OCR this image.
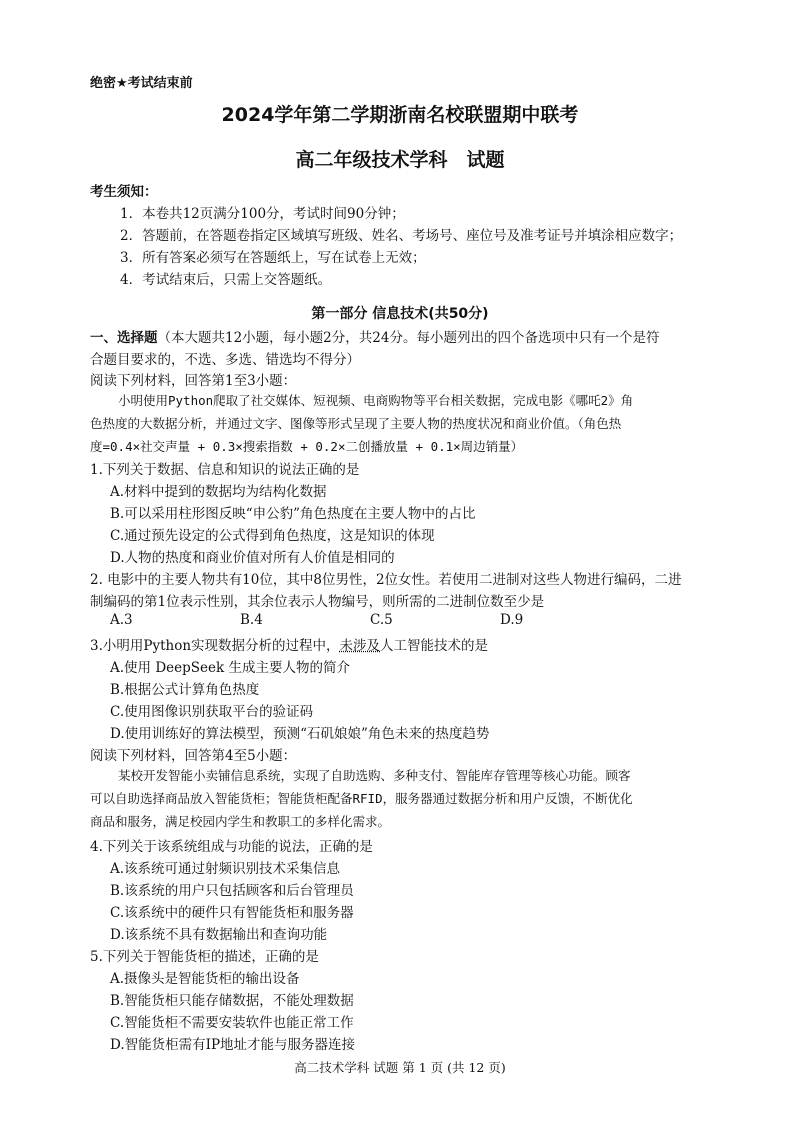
绝密★考试结束前
2024学年第二学期浙南名校联盟期中联考
高二年级技术学科　试题
考生须知：
1．本卷共12页满分100分，考试时间90分钟；
2．答题前，在答题卷指定区域填写班级、姓名、考场号、座位号及准考证号并填涂相应数字；
3．所有答案必须写在答题纸上，写在试卷上无效；
4．考试结束后，只需上交答题纸。
第一部分 信息技术(共50分)
一、选择题（本大题共12小题，每小题2分，共24分。每小题列出的四个备选项中只有一个是符
合题目要求的，不选、多选、错选均不得分）
阅读下列材料，回答第1至3小题：
小明使用Python爬取了社交媒体、短视频、电商购物等平台相关数据，完成电影《哪吒2》角
色热度的大数据分析，并通过文字、图像等形式呈现了主要人物的热度状况和商业价值。（角色热
度=0.4×社交声量 + 0.3×搜索指数 + 0.2×二创播放量 + 0.1×周边销量）
1.下列关于数据、信息和知识的说法正确的是
A.材料中提到的数据均为结构化数据
B.可以采用柱形图反映“申公豹”角色热度在主要人物中的占比
C.通过预先设定的公式得到角色热度，这是知识的体现
D.人物的热度和商业价值对所有人价值是相同的
2. 电影中的主要人物共有10位，其中8位男性，2位女性。若使用二进制对这些人物进行编码，二进
制编码的第1位表示性别，其余位表示人物编号，则所需的二进制位数至少是
A.3	B.4	C.5	D.9
3.小明用Python实现数据分析的过程中，未涉及人工智能技术的是
A.使用 DeepSeek 生成主要人物的简介
B.根据公式计算角色热度
C.使用图像识别获取平台的验证码
D.使用训练好的算法模型，预测“石矶娘娘”角色未来的热度趋势
阅读下列材料，回答第4至5小题：
某校开发智能小卖铺信息系统，实现了自助选购、多种支付、智能库存管理等核心功能。顾客
可以自助选择商品放入智能货柜；智能货柜配备RFID，服务器通过数据分析和用户反馈，不断优化
商品和服务，满足校园内学生和教职工的多样化需求。
4.下列关于该系统组成与功能的说法，正确的是
A.该系统可通过射频识别技术采集信息
B.该系统的用户只包括顾客和后台管理员
C.该系统中的硬件只有智能货柜和服务器
D.该系统不具有数据输出和查询功能
5.下列关于智能货柜的描述，正确的是
A.摄像头是智能货柜的输出设备
B.智能货柜只能存储数据，不能处理数据
C.智能货柜不需要安装软件也能正常工作
D.智能货柜需有IP地址才能与服务器连接
高二技术学科 试题 第 1 页 (共 12 页)
